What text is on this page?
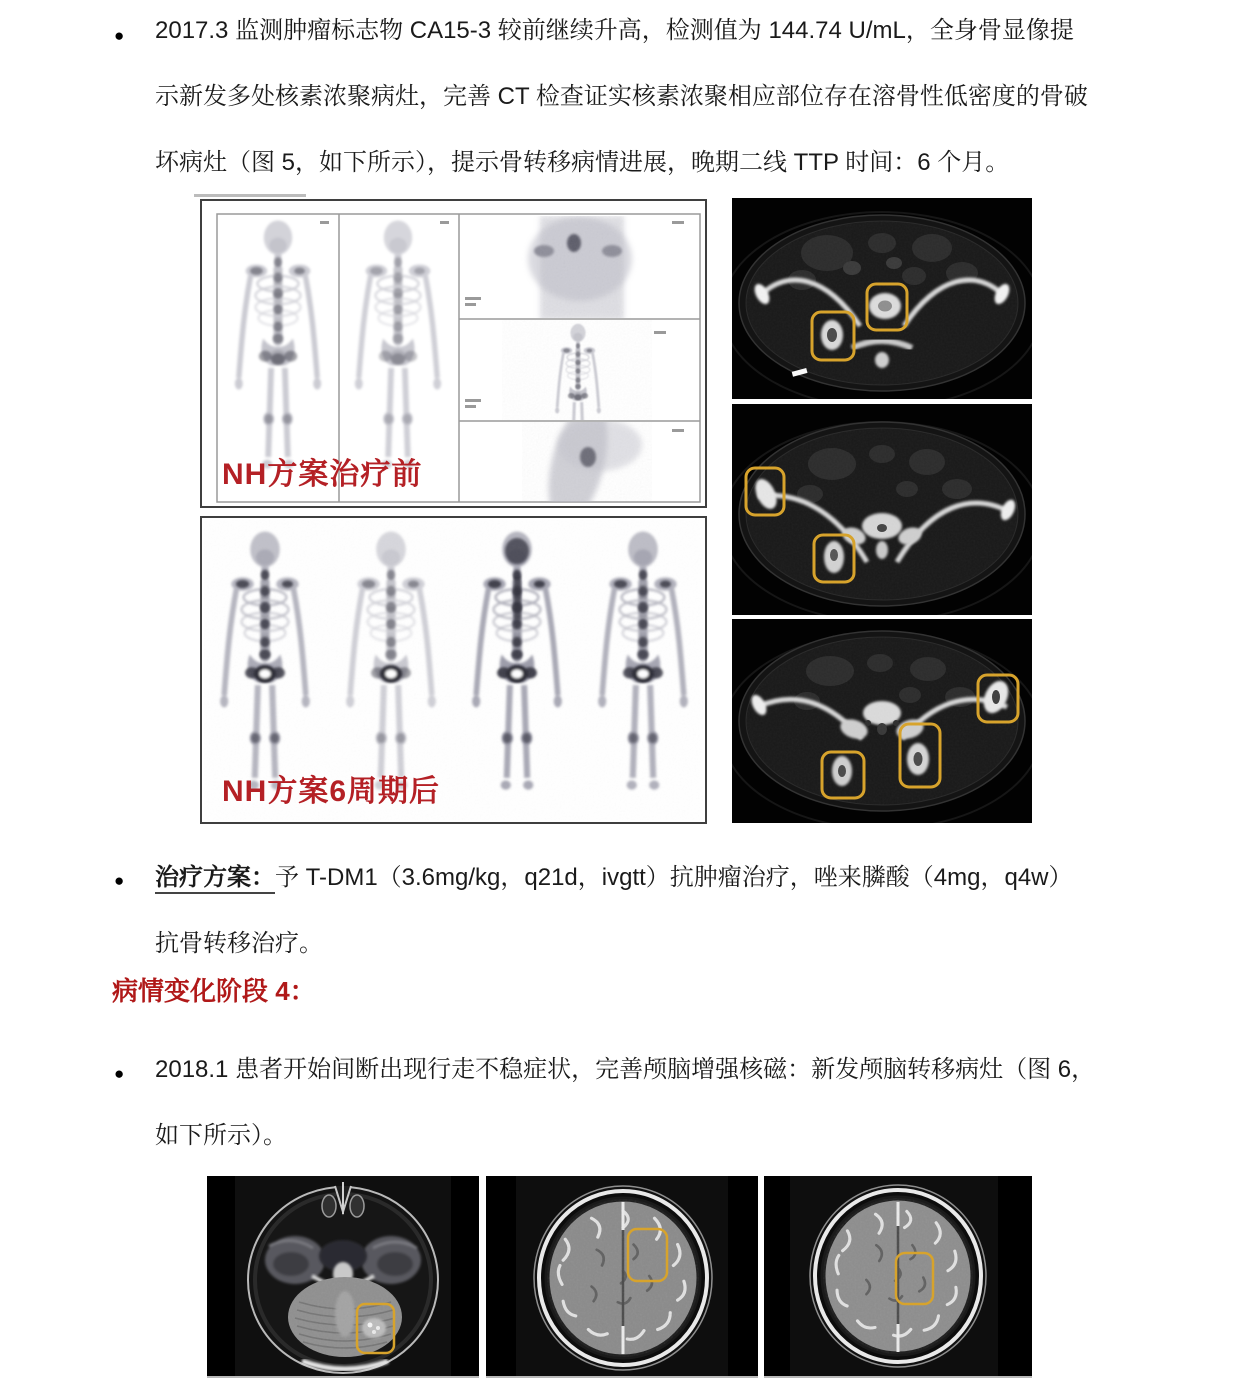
● 2017.3 监测肿瘤标志物 CA15-3 较前继续升高，检测值为 144.74 U/mL，全身骨显像提
示新发多处核素浓聚病灶，完善 CT 检查证实核素浓聚相应部位存在溶骨性低密度的骨破
坏病灶（图 5，如下所示），提示骨转移病情进展，晚期二线 TTP 时间：6 个月。
NH方案治疗前
NH方案6周期后
● 治疗方案：予 T-DM1（3.6mg/kg，q21d，ivgtt）抗肿瘤治疗，唑来膦酸（4mg，q4w）
抗骨转移治疗。
病情变化阶段 4：
● 2018.1 患者开始间断出现行走不稳症状，完善颅脑增强核磁：新发颅脑转移病灶（图 6，
如下所示）。
